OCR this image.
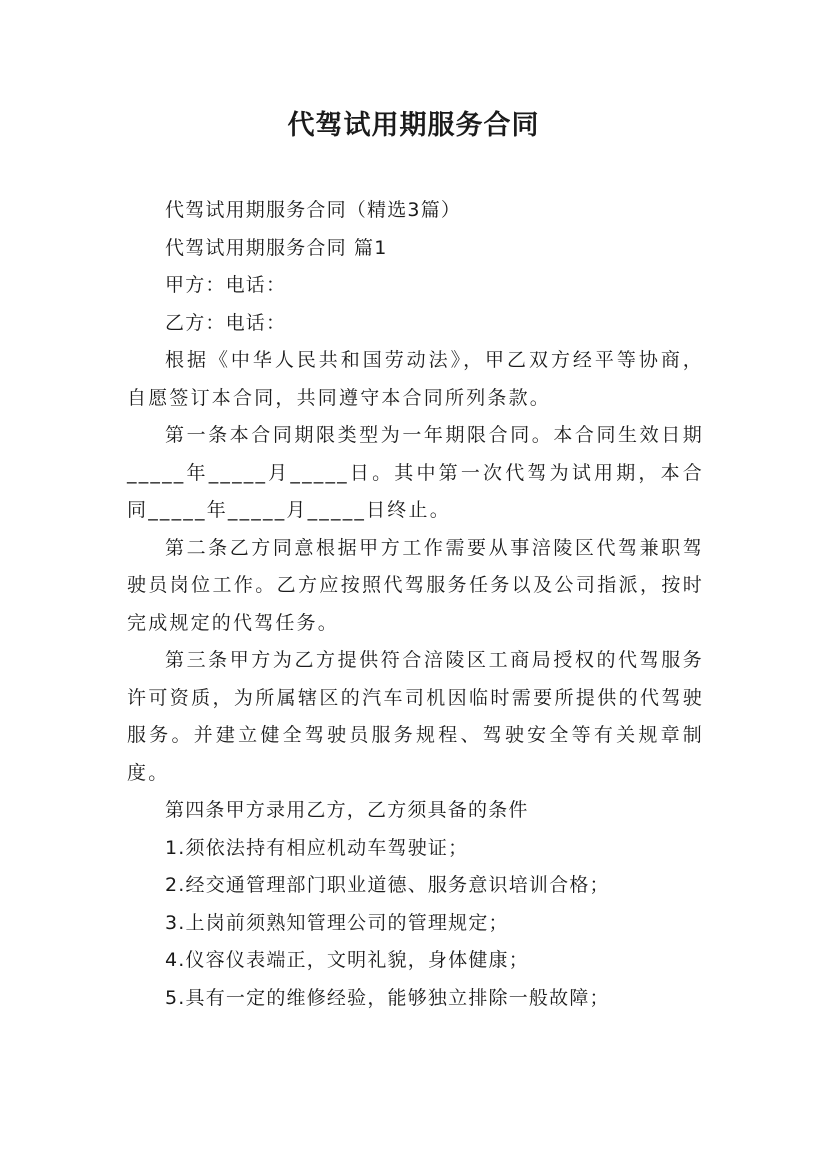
代驾试用期服务合同

代驾试用期服务合同（精选3篇）

代驾试用期服务合同 篇1

甲方：电话：

乙方：电话：

根据《中华人民共和国劳动法》，甲乙双方经平等协商，自愿签订本合同，共同遵守本合同所列条款。

第一条本合同期限类型为一年期限合同。本合同生效日期_____年_____月_____日。其中第一次代驾为试用期，本合同_____年_____月_____日终止。

第二条乙方同意根据甲方工作需要从事涪陵区代驾兼职驾驶员岗位工作。乙方应按照代驾服务任务以及公司指派，按时完成规定的代驾任务。

第三条甲方为乙方提供符合涪陵区工商局授权的代驾服务许可资质，为所属辖区的汽车司机因临时需要所提供的代驾驶服务。并建立健全驾驶员服务规程、驾驶安全等有关规章制度。

第四条甲方录用乙方，乙方须具备的条件

1.须依法持有相应机动车驾驶证；

2.经交通管理部门职业道德、服务意识培训合格；

3.上岗前须熟知管理公司的管理规定；

4.仪容仪表端正，文明礼貌，身体健康；

5.具有一定的维修经验，能够独立排除一般故障；
